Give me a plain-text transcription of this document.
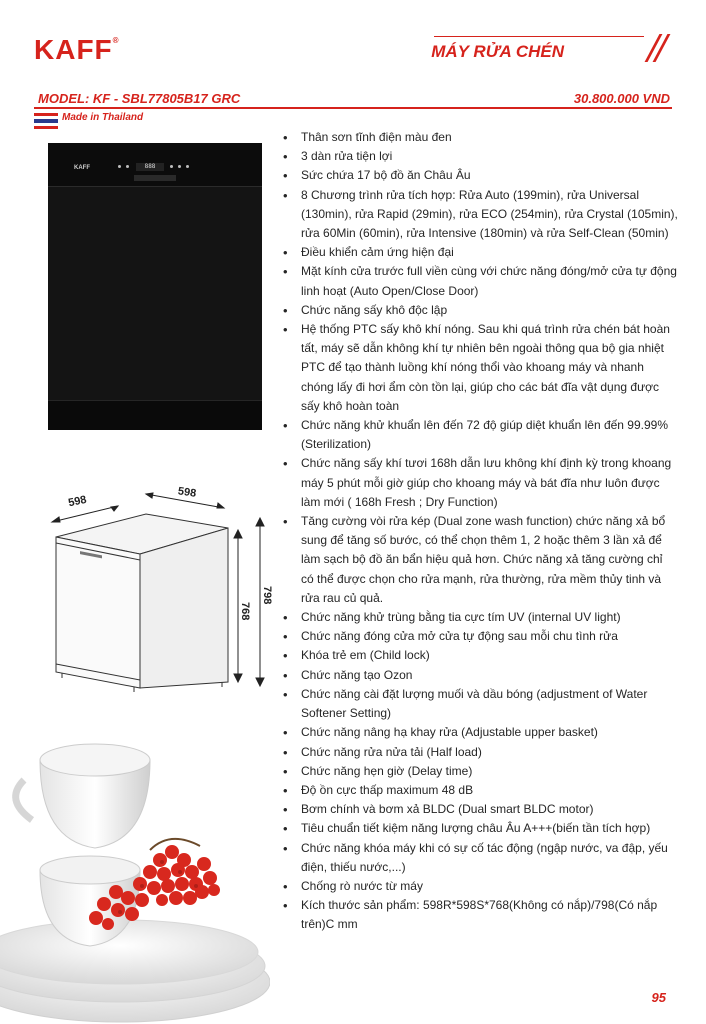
KAFF®
MÁY RỬA CHÉN
MODEL: KF - SBL77805B17 GRC	30.800.000 VND
Made in Thailand
KAFF	888
598
598
768
798
• Thân sơn tĩnh điện màu đen
• 3 dàn rửa tiện lợi
• Sức chứa 17 bộ đồ ăn Châu Âu
• 8 Chương trình rửa tích hợp: Rửa Auto (199min), rửa Universal (130min), rửa Rapid (29min), rửa ECO (254min), rửa Crystal (105min), rửa 60Min (60min), rửa Intensive (180min) và rửa Self-Clean (50min)
• Điều khiển cảm ứng hiện đại
• Mặt kính cửa trước full viền cùng với chức năng đóng/mở cửa tự động linh hoạt (Auto Open/Close Door)
• Chức năng sấy khô độc lập
• Hệ thống PTC sấy khô khí nóng. Sau khi quá trình rửa chén bát hoàn tất, máy sẽ dẫn không khí tự nhiên bên ngoài thông qua bộ gia nhiệt PTC để tạo thành luồng khí nóng thổi vào khoang máy và nhanh chóng lấy đi hơi ẩm còn tồn lại, giúp cho các bát đĩa vật dụng được sấy khô hoàn toàn
• Chức năng khử khuẩn lên đến 72 độ giúp diệt khuẩn lên đến 99.99% (Sterilization)
• Chức năng sấy khí tươi 168h dẫn lưu không khí định kỳ trong khoang máy 5 phút mỗi giờ giúp cho khoang máy và bát đĩa như luôn được làm mới ( 168h Fresh ; Dry Function)
• Tăng cường vòi rửa kép (Dual zone wash function) chức năng xả bổ sung để tăng số bước, có thể chọn thêm 1, 2 hoặc thêm 3 lần xả để làm sạch bộ đồ ăn bẩn hiệu quả hơn. Chức năng xả tăng cường chỉ có thể được chọn cho rửa mạnh, rửa thường, rửa mềm thủy tinh và rửa rau củ quả.
• Chức năng khử trùng bằng tia cực tím UV (internal UV light)
• Chức năng đóng cửa mở cửa tự động sau mỗi chu tình rửa
• Khóa trẻ em (Child lock)
• Chức năng tạo Ozon
• Chức năng cài đặt lượng muối và dầu bóng (adjustment of Water Softener Setting)
• Chức năng nâng hạ khay rửa (Adjustable upper basket)
• Chức năng rửa nửa tải (Half load)
• Chức năng hẹn giờ (Delay time)
• Độ ồn cực thấp maximum 48 dB
• Bơm chính và bơm xả BLDC (Dual smart BLDC motor)
• Tiêu chuẩn tiết kiệm năng lượng châu Âu A+++(biến tần tích hợp)
• Chức năng khóa máy khi có sự cố tác động (ngập nước, va đập, yếu điện, thiếu nước,...)
• Chống rò nước từ máy
• Kích thước sản phẩm: 598R*598S*768(Không có nắp)/798(Có nắp trên)C mm
95
